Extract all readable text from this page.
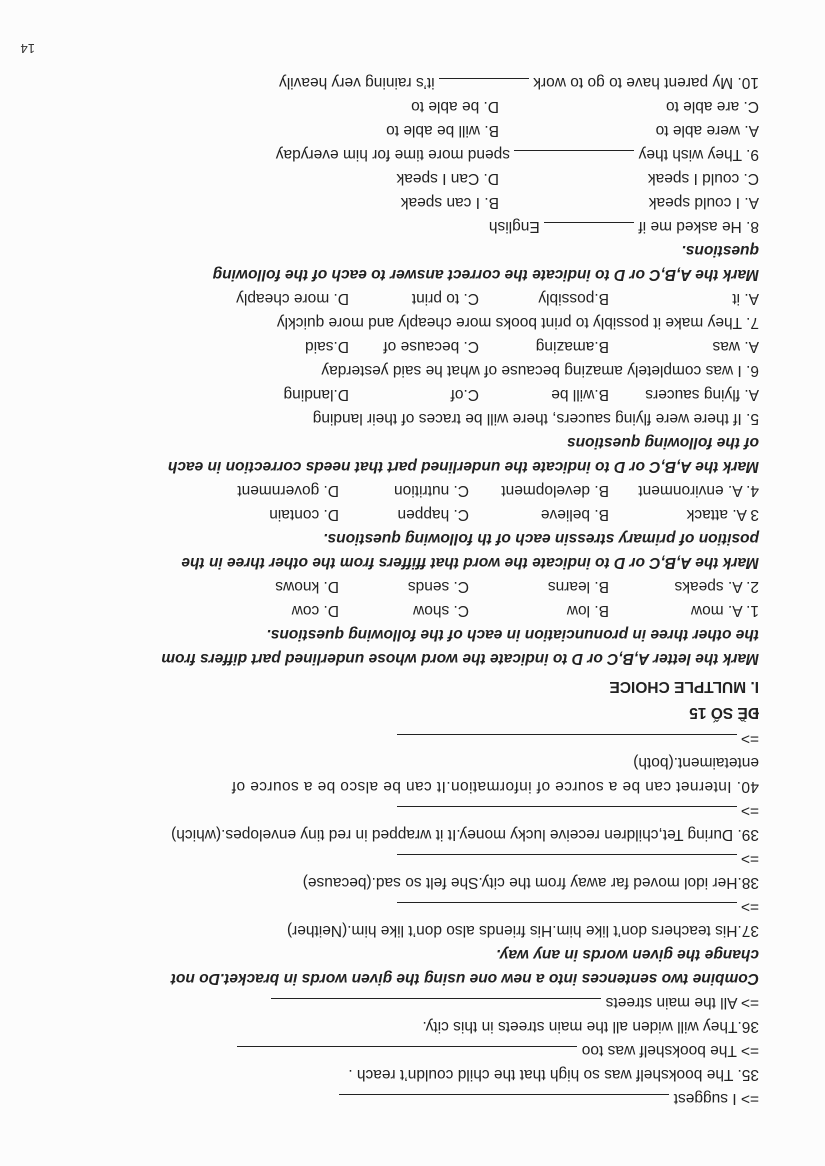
=> I suggest
35. The bookshelf was so high that the child couldn’t reach .
=> The bookshelf was too
36.They will widen all the main streets in this city.
=> All the main streets
Combine two sentences into a new one using the given words in bracket.Do not
change the given words in any way.
37.His teachers don’t like him.His friends also don’t like him.(Neither)
=>
38.Her idol moved far away from the city.She felt so sad.(because)
=>
39. During Tet,children receive lucky money.It it wrapped in red tiny envelopes.(which)
=>
40. Internet can be a source of information.It can be alsco be a source of
entetaiment.(both)
=>
ĐỀ SỐ 15
I. MULTPLE CHOICE
Mark the letter A,B,C or D to indicate the word whose underlined part differs from
the other three in pronunciation in each of the following questions.
1. A. mow
B. low
C. show
D. cow
2. A. speaks
B. learns
C. sends
D. knows
Mark the A,B,C or D to indicate the word that ffiffers from the other three in the
position of primary stressin each of th following questions.
3 A. attack
B. believe
C. happen
D. contain
4. A. environment
B. development
C. nutrition
D. government
Mark the A,B,C or D to indicate the underlined part that needs correction in each
of the following questions
5. If there were flying saucers, there will be traces of their landing
A. flying saucers
B.will be
C.of
D.landing
6. I was completely amazing because of what he said yesterday
A. was
B.amazing
C. because of
D.said
7. They make it possibly to print books more cheaply and more quickly
A. it
B.possibly
C. to print
D. more cheaply
Mark the A,B,C or D to indicate the correct answer to each of the following
questions.
8. He asked me if  English
A. I could speak
B. I can speak
C. could I speak
D. Can I speak
9. They wish they  spend more time for him everyday
A. were able to
B. will be able to
C. are able to
D. be able to
10. My parent have to go to work  it’s raining very heavily
14
